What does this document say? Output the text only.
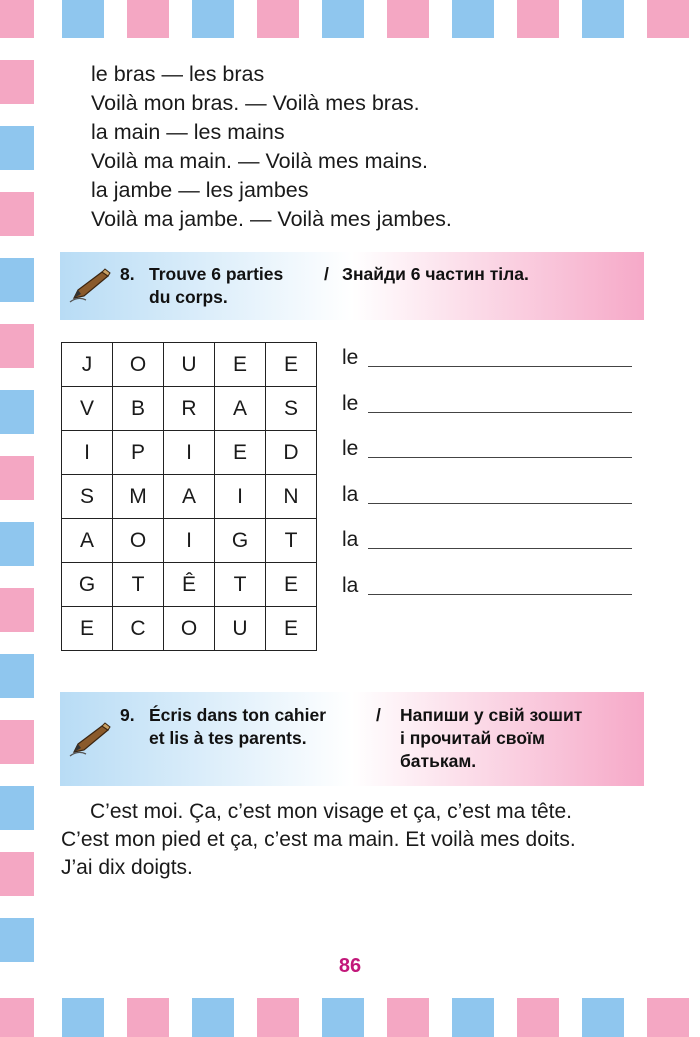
le bras — les bras
Voilà mon bras. — Voilà mes bras.
la main — les mains
Voilà ma main. — Voilà mes mains.
la jambe — les jambes
Voilà ma jambe. — Voilà mes jambes.
8. Trouve 6 parties
du corps.
/ Знайди 6 частин тіла.
J	O	U	E	E
V	B	R	A	S
I	P	I	E	D
S	M	A	I	N
A	O	I	G	T
G	T	Ê	T	E
E	C	O	U	E
le
le
le
la
la
la
9. Écris dans ton cahier
et lis à tes parents.
/ Напиши у свій зошит
і прочитай своїм
батькам.
C’est moi. Ça, c’est mon visage et ça, c’est ma tête.
C’est mon pied et ça, c’est ma main. Et voilà mes doits.
J’ai dix doigts.
86
